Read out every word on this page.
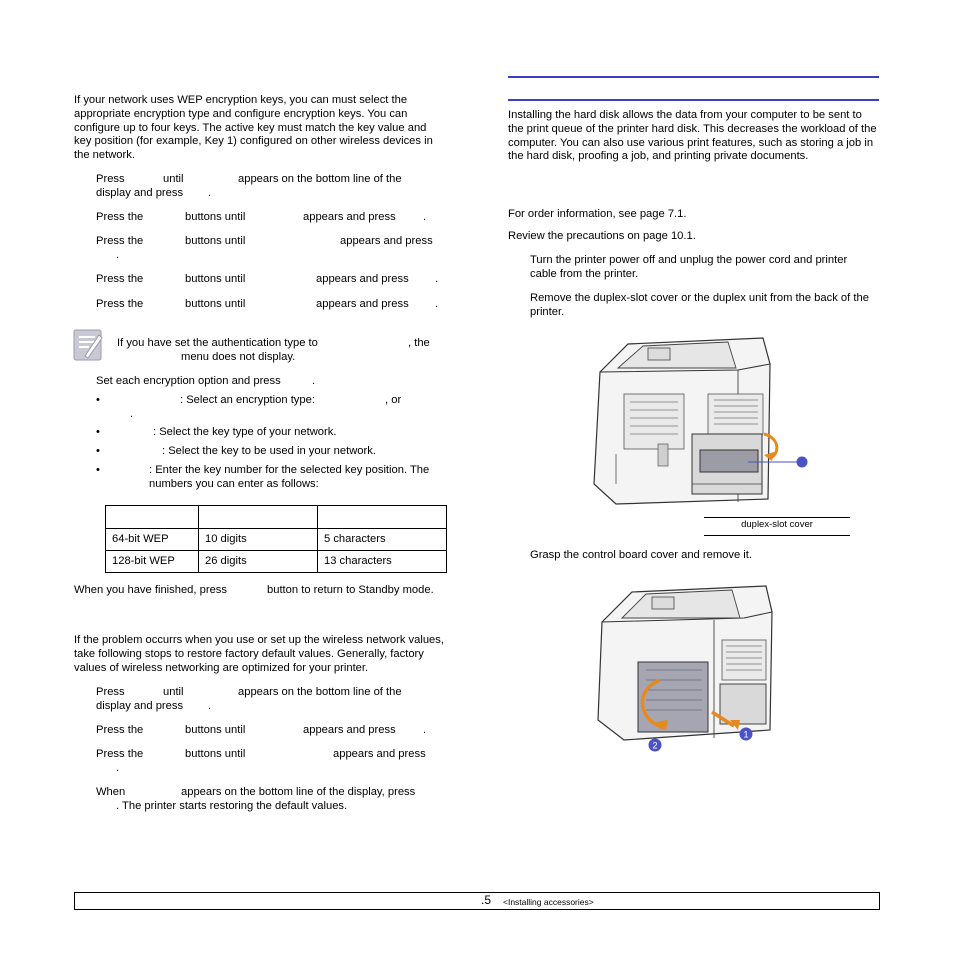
If your network uses WEP encryption keys, you can must select the appropriate encryption type and configure encryption keys. You can configure up to four keys. The active key must match the key value and key position (for example, Key 1) configured on other wireless devices in the network.

Press	until	appears on the bottom line of the
display and press .
Press the	buttons until	appears and press .
Press the	buttons until	appears and press
.
Press the	buttons until	appears and press .
Press the	buttons until	appears and press .
If you have set the authentication type to	, the
menu does not display.
Set each encryption option and press	.
•	: Select an encryption type:	, or
.
•	: Select the key type of your network.
•	: Select the key to be used in your network.
•	: Enter the key number for the selected key position. The numbers you can enter as follows:

64-bit WEP	10 digits	5 characters
128-bit WEP	26 digits	13 characters
When you have finished, press	button to return to Standby mode.

If the problem occurrs when you use or set up the wireless network values, take following stops to restore factory default values. Generally, factory values of wireless networking are optimized for your printer.

Press	until	appears on the bottom line of the
display and press .
Press the	buttons until	appears and press .
Press the	buttons until	appears and press
.
When	appears on the bottom line of the display, press
. The printer starts restoring the default values.

Installing the hard disk allows the data from your computer to be sent to the print queue of the printer hard disk. This decreases the workload of the computer. You can also use various print features, such as storing a job in the hard disk, proofing a job, and printing private documents.

For order information, see page 7.1.

Review the precautions on page 10.1.

Turn the printer power off and unplug the power cord and printer cable from the printer.

Remove the duplex-slot cover or the duplex unit from the back of the printer.

duplex-slot cover

Grasp the control board cover and remove it.

1
2
.5 <Installing accessories>
